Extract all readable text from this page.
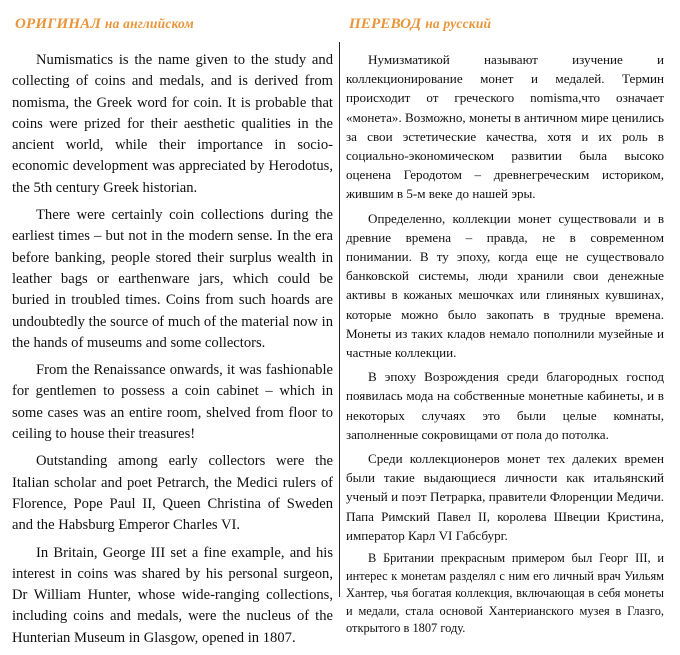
ОРИГИНАЛ на английском	ПЕРЕВОД на русский

Numismatics is the name given to the study and collecting of coins and medals, and is derived from nomisma, the Greek word for coin. It is probable that coins were prized for their aesthetic qualities in the ancient world, while their importance in socio-economic development was appreciated by Herodotus, the 5th century Greek historian.

There were certainly coin collections during the earliest times – but not in the modern sense. In the era before banking, people stored their surplus wealth in leather bags or earthenware jars, which could be buried in troubled times. Coins from such hoards are undoubtedly the source of much of the material now in the hands of museums and some collectors.

From the Renaissance onwards, it was fashionable for gentlemen to possess a coin cabinet – which in some cases was an entire room, shelved from floor to ceiling to house their treasures!

Outstanding among early collectors were the Italian scholar and poet Petrarch, the Medici rulers of Florence, Pope Paul II, Queen Christina of Sweden and the Habsburg Emperor Charles VI.

In Britain, George III set a fine example, and his interest in coins was shared by his personal surgeon, Dr William Hunter, whose wide-ranging collections, including coins and medals, were the nucleus of the Hunterian Museum in Glasgow, opened in 1807.

Нумизматикой называют изучение и коллекционирование монет и медалей. Термин происходит от греческого nomisma,что означает «монета». Возможно, монеты в античном мире ценились за свои эстетические качества, хотя и их роль в социально-экономическом развитии была высоко оценена Геродотом – древнегреческим историком, жившим в 5-м веке до нашей эры.

Определенно, коллекции монет существовали и в древние времена – правда, не в современном понимании. В ту эпоху, когда еще не существовало банковской системы, люди хранили свои денежные активы в кожаных мешочках или глиняных кувшинах, которые можно было закопать в трудные времена. Монеты из таких кладов немало пополнили музейные и частные коллекции.

В эпоху Возрождения среди благородных господ появилась мода на собственные монетные кабинеты, и в некоторых случаях это были целые комнаты, заполненные сокровищами от пола до потолка.

Среди коллекционеров монет тех далеких времен были такие выдающиеся личности как итальянский ученый и поэт Петрарка, правители Флоренции Медичи. Папа Римский Павел II, королева Швеции Кристина, император Карл VI Габсбург.

В Британии прекрасным примером был Георг III, и интерес к монетам разделял с ним его личный врач Уильям Хантер, чья богатая коллекция, включающая в себя монеты и медали, стала основой Хантерианского музея в Глазго, открытого в 1807 году.
